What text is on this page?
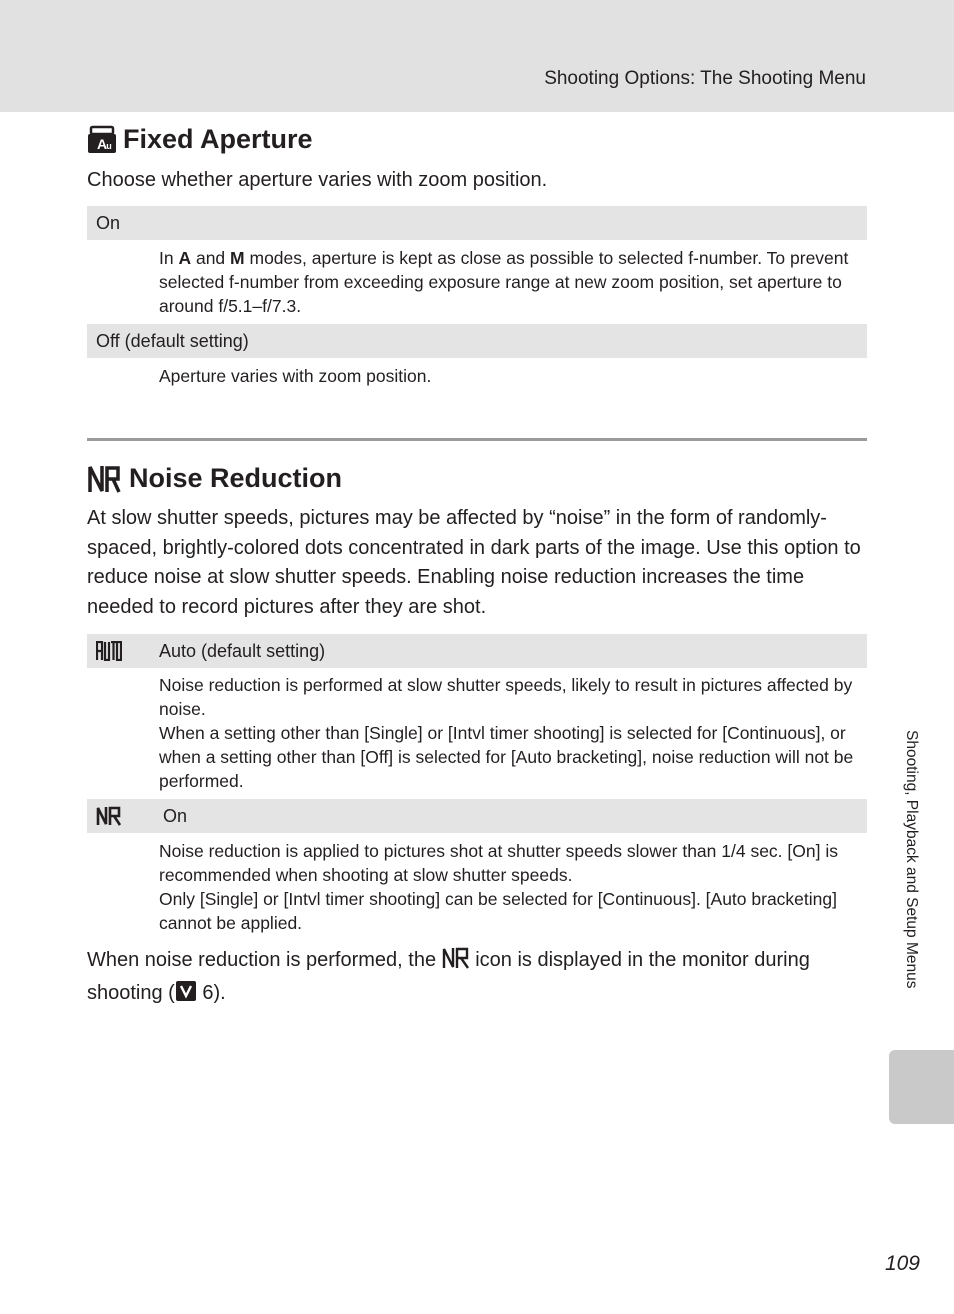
Shooting Options: The Shooting Menu
A u Fixed Aperture
Choose whether aperture varies with zoom position.
On

In A and M modes, aperture is kept as close as possible to selected f-number. To prevent selected f-number from exceeding exposure range at new zoom position, set aperture to around f/5.1–f/7.3.

Off (default setting)
Aperture varies with zoom position.
Noise Reduction
At slow shutter speeds, pictures may be affected by “noise” in the form of randomly-spaced, brightly-colored dots concentrated in dark parts of the image. Use this option to reduce noise at slow shutter speeds. Enabling noise reduction increases the time needed to record pictures after they are shot.
Auto (default setting)

Noise reduction is performed at slow shutter speeds, likely to result in pictures affected by noise.

When a setting other than [Single] or [Intvl timer shooting] is selected for [Continuous], or when a setting other than [Off] is selected for [Auto bracketing], noise reduction will not be performed.

On

Noise reduction is applied to pictures shot at shutter speeds slower than 1/4 sec. [On] is recommended when shooting at slow shutter speeds.

Only [Single] or [Intvl timer shooting] can be selected for [Continuous]. [Auto bracketing] cannot be applied.

When noise reduction is performed, the  icon is displayed in the monitor during shooting ( 6).
Shooting, Playback and Setup Menus
109
